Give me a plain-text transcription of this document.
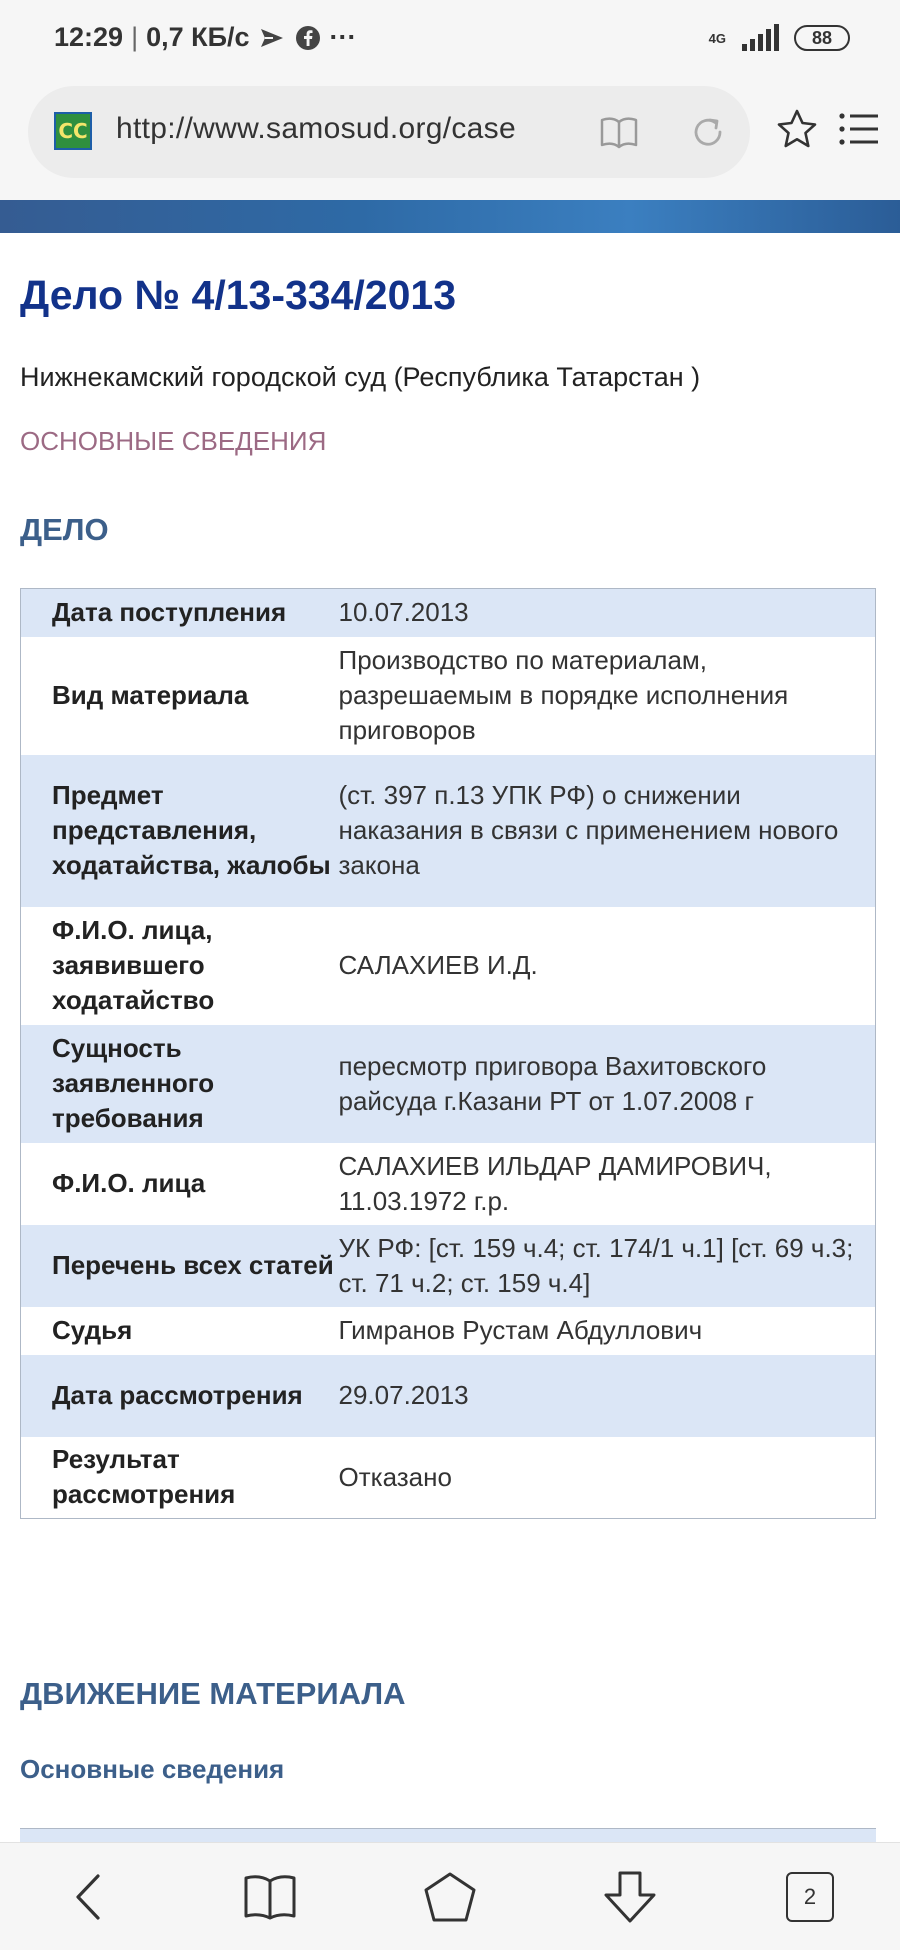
12:29 | 0,7 КБ/с	···	4G	88
CC http://www.samosud.org/case
Дело № 4/13-334/2013
Нижнекамский городской суд (Республика Татарстан )
ОСНОВНЫЕ СВЕДЕНИЯ
ДЕЛО
Дата поступления	10.07.2013
Вид материала	Производство по материалам, разрешаемым в порядке исполнения приговоров
Предмет представления, ходатайства, жалобы	(ст. 397 п.13 УПК РФ) о снижении наказания в связи с применением нового закона
Ф.И.О. лица, заявившего ходатайство	САЛАХИЕВ И.Д.
Сущность заявленного требования	пересмотр приговора Вахитовского райсуда г.Казани РТ от 1.07.2008 г
Ф.И.О. лица	САЛАХИЕВ ИЛЬДАР ДАМИРОВИЧ, 11.03.1972 г.р.
Перечень всех статей	УК РФ: [ст. 159 ч.4; ст. 174/1 ч.1] [ст. 69 ч.3; ст. 71 ч.2; ст. 159 ч.4]
Судья	Гимранов Рустам Абдуллович
Дата рассмотрения	29.07.2013
Результат рассмотрения	Отказано
ДВИЖЕНИЕ МАТЕРИАЛА
Основные сведения
2
